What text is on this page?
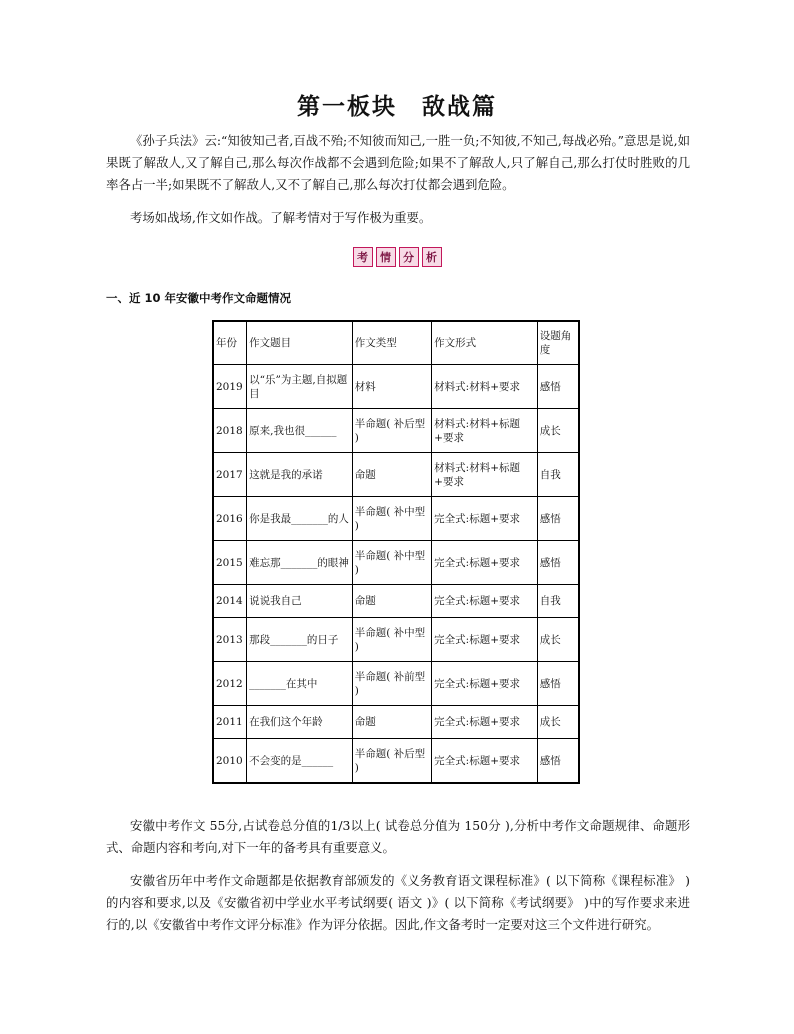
第一板块　敌战篇

《孙子兵法》云:“知彼知己者,百战不殆;不知彼而知己,一胜一负;不知彼,不知己,每战必殆。”意思是说,如果既了解敌人,又了解自己,那么每次作战都不会遇到危险;如果不了解敌人,只了解自己,那么打仗时胜败的几率各占一半;如果既不了解敌人,又不了解自己,那么每次打仗都会遇到危险。

考场如战场,作文如作战。了解考情对于写作极为重要。

考	情	分	析
一、近 10 年安徽中考作文命题情况
年份	作文题目	作文类型	作文形式	设题角度
2019	以“乐”为主题,自拟题目	材料	材料式:材料+要求	感悟
2018	原来,我也很______	半命题( 补后型 )	材料式:材料+标题+要求	成长
2017	这就是我的承诺	命题	材料式:材料+标题+要求	自我
2016	你是我最_______的人	半命题( 补中型 )	完全式:标题+要求	感悟
2015	难忘那_______的眼神	半命题( 补中型 )	完全式:标题+要求	感悟
2014	说说我自己	命题	完全式:标题+要求	自我
2013	那段_______的日子	半命题( 补中型 )	完全式:标题+要求	成长
2012	_______在其中	半命题( 补前型 )	完全式:标题+要求	感悟
2011	在我们这个年龄	命题	完全式:标题+要求	成长
2010	不会变的是______	半命题( 补后型 )	完全式:标题+要求	感悟

安徽中考作文 55分,占试卷总分值的1/3以上( 试卷总分值为 150分 ),分析中考作文命题规律、命题形式、命题内容和考向,对下一年的备考具有重要意义。

安徽省历年中考作文命题都是依据教育部颁发的《义务教育语文课程标准》( 以下简称《课程标准》 )的内容和要求,以及《安徽省初中学业水平考试纲要( 语文 )》( 以下简称《考试纲要》 )中的写作要求来进行的,以《安徽省中考作文评分标准》作为评分依据。因此,作文备考时一定要对这三个文件进行研究。
